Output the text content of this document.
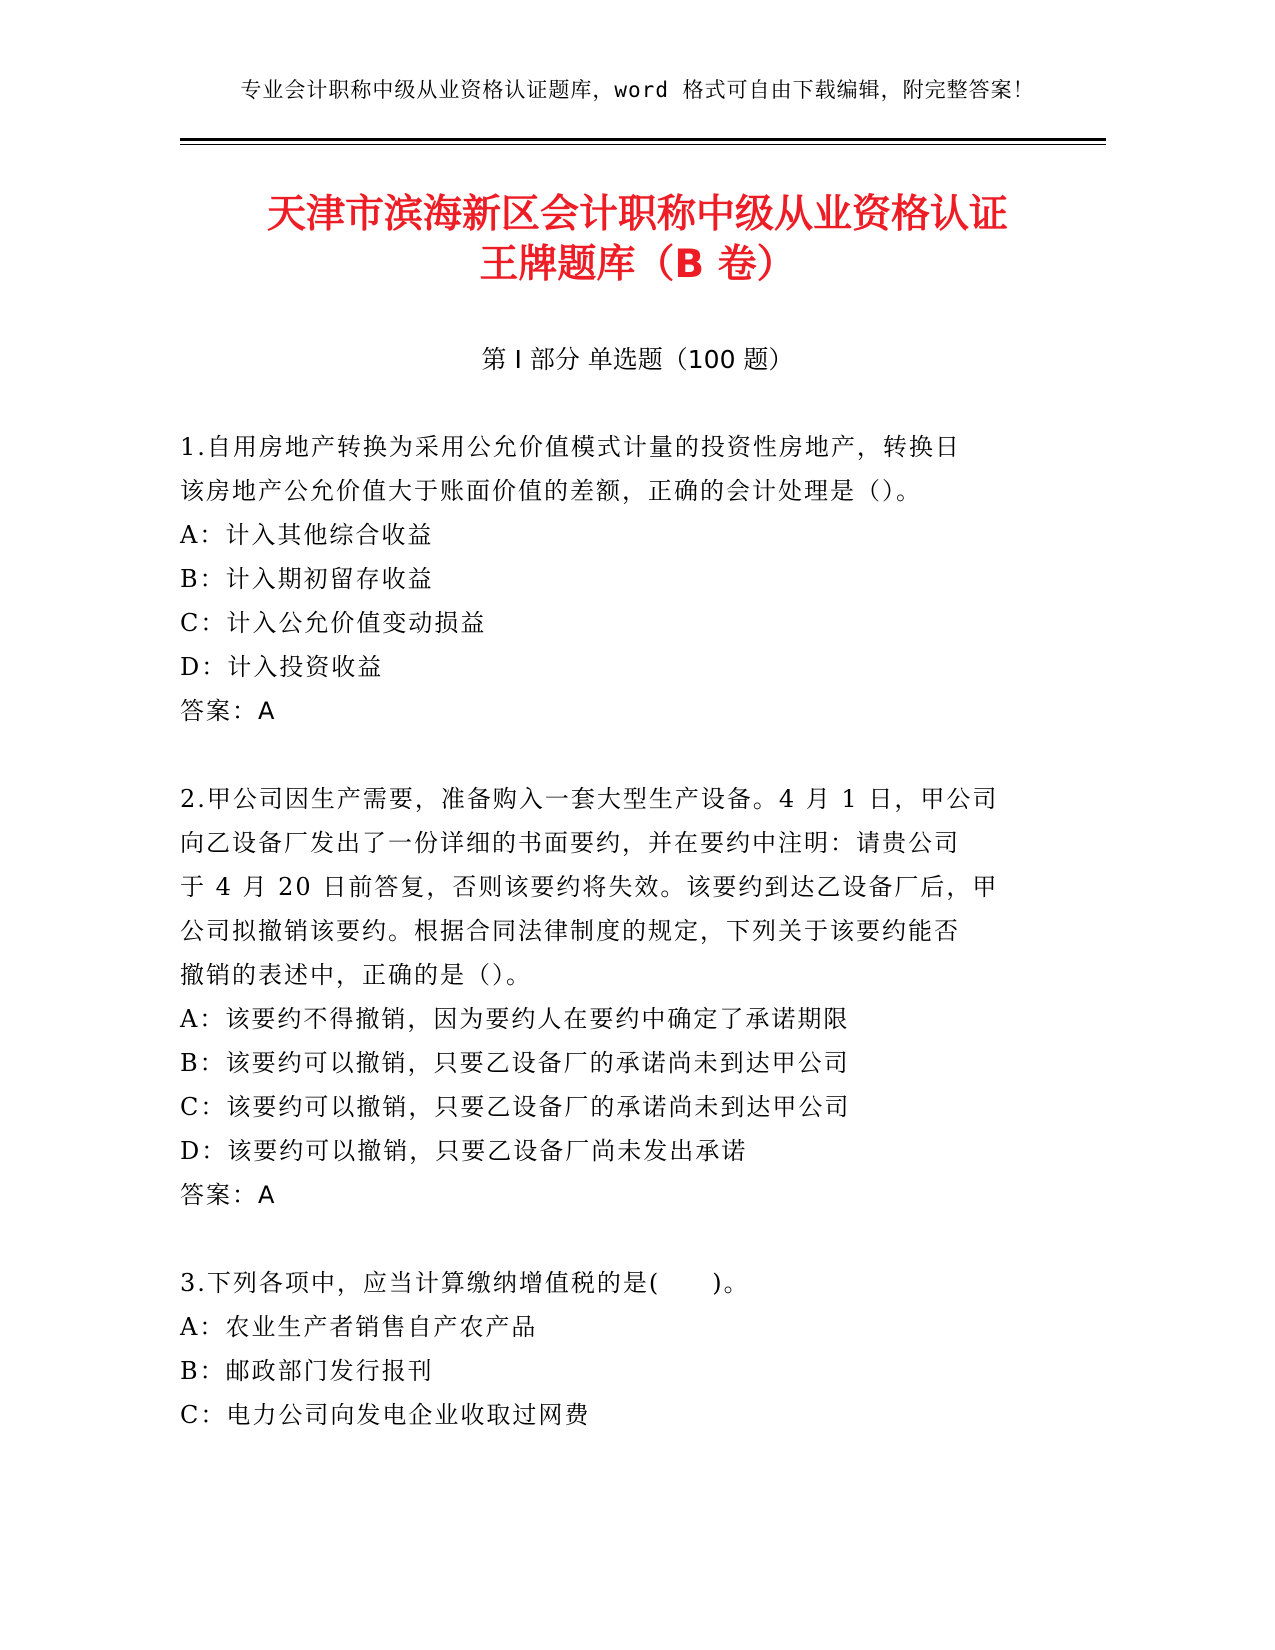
专业会计职称中级从业资格认证题库，word 格式可自由下载编辑，附完整答案！
天津市滨海新区会计职称中级从业资格认证
王牌题库（B 卷）
第 I 部分 单选题（100 题）
1.自用房地产转换为采用公允价值模式计量的投资性房地产，转换日
该房地产公允价值大于账面价值的差额，正确的会计处理是（）。
A：计入其他综合收益
B：计入期初留存收益
C：计入公允价值变动损益
D：计入投资收益
答案：A
2.甲公司因生产需要，准备购入一套大型生产设备。4 月 1 日，甲公司
向乙设备厂发出了一份详细的书面要约，并在要约中注明：请贵公司
于 4 月 20 日前答复，否则该要约将失效。该要约到达乙设备厂后，甲
公司拟撤销该要约。根据合同法律制度的规定，下列关于该要约能否
撤销的表述中，正确的是（）。
A：该要约不得撤销，因为要约人在要约中确定了承诺期限
B：该要约可以撤销，只要乙设备厂的承诺尚未到达甲公司
C：该要约可以撤销，只要乙设备厂的承诺尚未到达甲公司
D：该要约可以撤销，只要乙设备厂尚未发出承诺
答案：A
3.下列各项中，应当计算缴纳增值税的是(　　)。
A：农业生产者销售自产农产品
B：邮政部门发行报刊
C：电力公司向发电企业收取过网费
